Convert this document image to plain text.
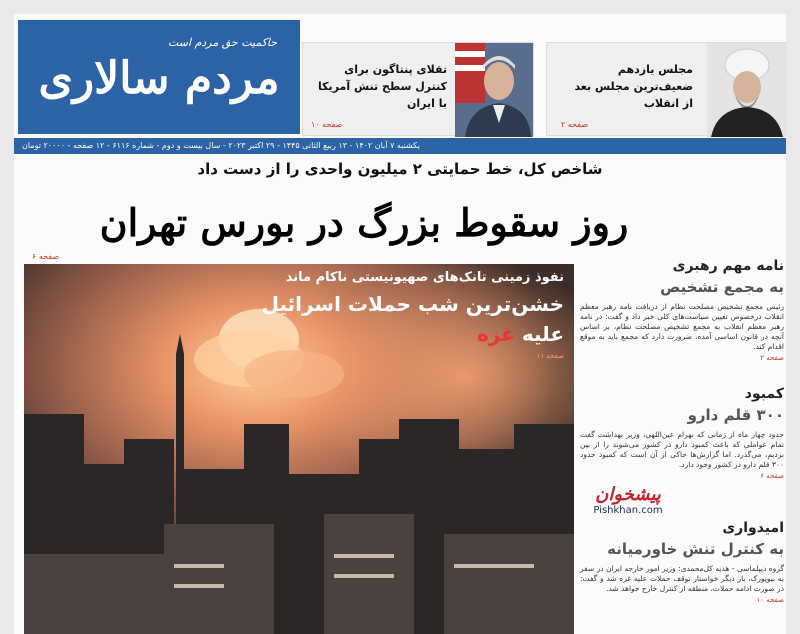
حاکمیت حق مردم است
مردم سالاری	تقلای پنتاگون برای کنترل سطح تنش آمریکا با ایران
صفحه ۱۰
مجلس یازدهم ضعیف‌ترین مجلس بعد از انقلاب
صفحه ۲
یکشنبه ۷ آبان ۱۴۰۲ - ۱۳ ربیع الثانی ۱۴۴۵ - ۲۹ اکتبر ۲۰۲۳ - سال بیست و دوم - شماره ۶۱۱۶ - ۱۲ صفحه - ۲۰۰۰۰ تومان
شاخص کل، خط حمایتی ۲ میلیون واحدی را از دست داد
روز سقوط بزرگ در بورس تهران
صفحه ۶
نفوذ زمینی تانک‌های صهیونیستی ناکام ماند
خشن‌ترین شب حملات اسرائیل
علیه غزه
صفحه ۱۱
نامه مهم رهبری
به مجمع تشخیص

رئیس مجمع تشخیص مصلحت نظام از دریافت نامه رهبر معظم انقلاب درخصوص تعیین سیاست‌های کلی خبر داد و گفت: در نامه رهبر معظم انقلاب به مجمع تشخیص مصلحت نظام، بر اساس آنچه در قانون اساسی آمده، ضرورت دارد که مجمع باید به موقع اقدام کند.

صفحه ۲
کمبود
۳۰۰ قلم دارو

حدود چهار ماه از زمانی که بهرام عین‌اللهی، وزیر بهداشت گفت تمام عواملی که باعث کمبود دارو در کشور می‌شوند را از بین بردیم، می‌گذرد. اما گزارش‌ها حاکی از آن است که کمبود حدود ۳۰۰ قلم دارو در کشور وجود دارد.

صفحه ۶
امیدواری
به کنترل تنش خاورمیانه

گروه دیپلماسی - هدیه کل‌محمدی: وزیر امور خارجه ایران در سفر به نیویورک، بار دیگر خواستار توقف حملات علیه غزه شد و گفت: در صورت ادامه حملات، منطقه از کنترل خارج خواهد شد.

صفحه ۱۰
پیشخوان
Pishkhan.com
